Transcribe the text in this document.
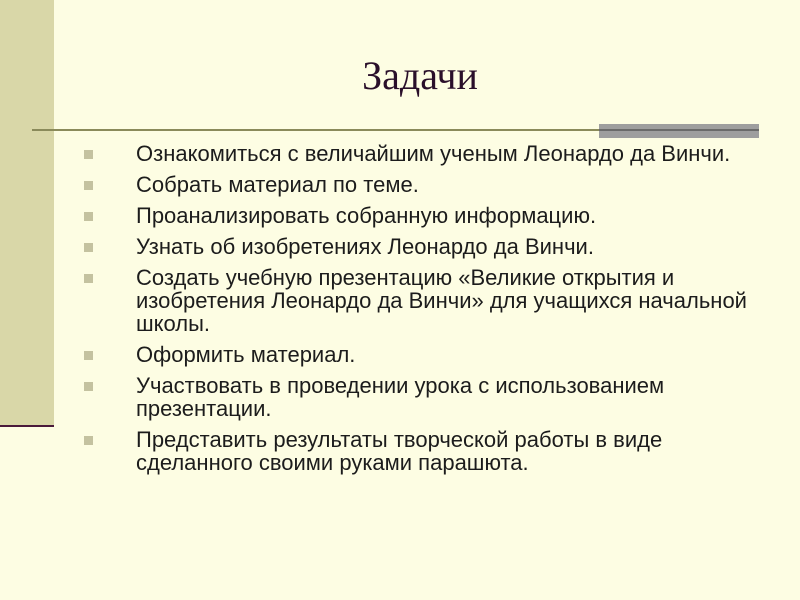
Задачи
Ознакомиться с величайшим ученым Леонардо да Винчи.
Собрать материал по теме.
Проанализировать собранную информацию.
Узнать об изобретениях Леонардо да Винчи.
Создать учебную презентацию «Великие открытия и изобретения Леонардо да Винчи» для учащихся начальной школы.
Оформить материал.
Участвовать в проведении урока с использованием презентации.
Представить результаты творческой работы в виде сделанного своими руками парашюта.
